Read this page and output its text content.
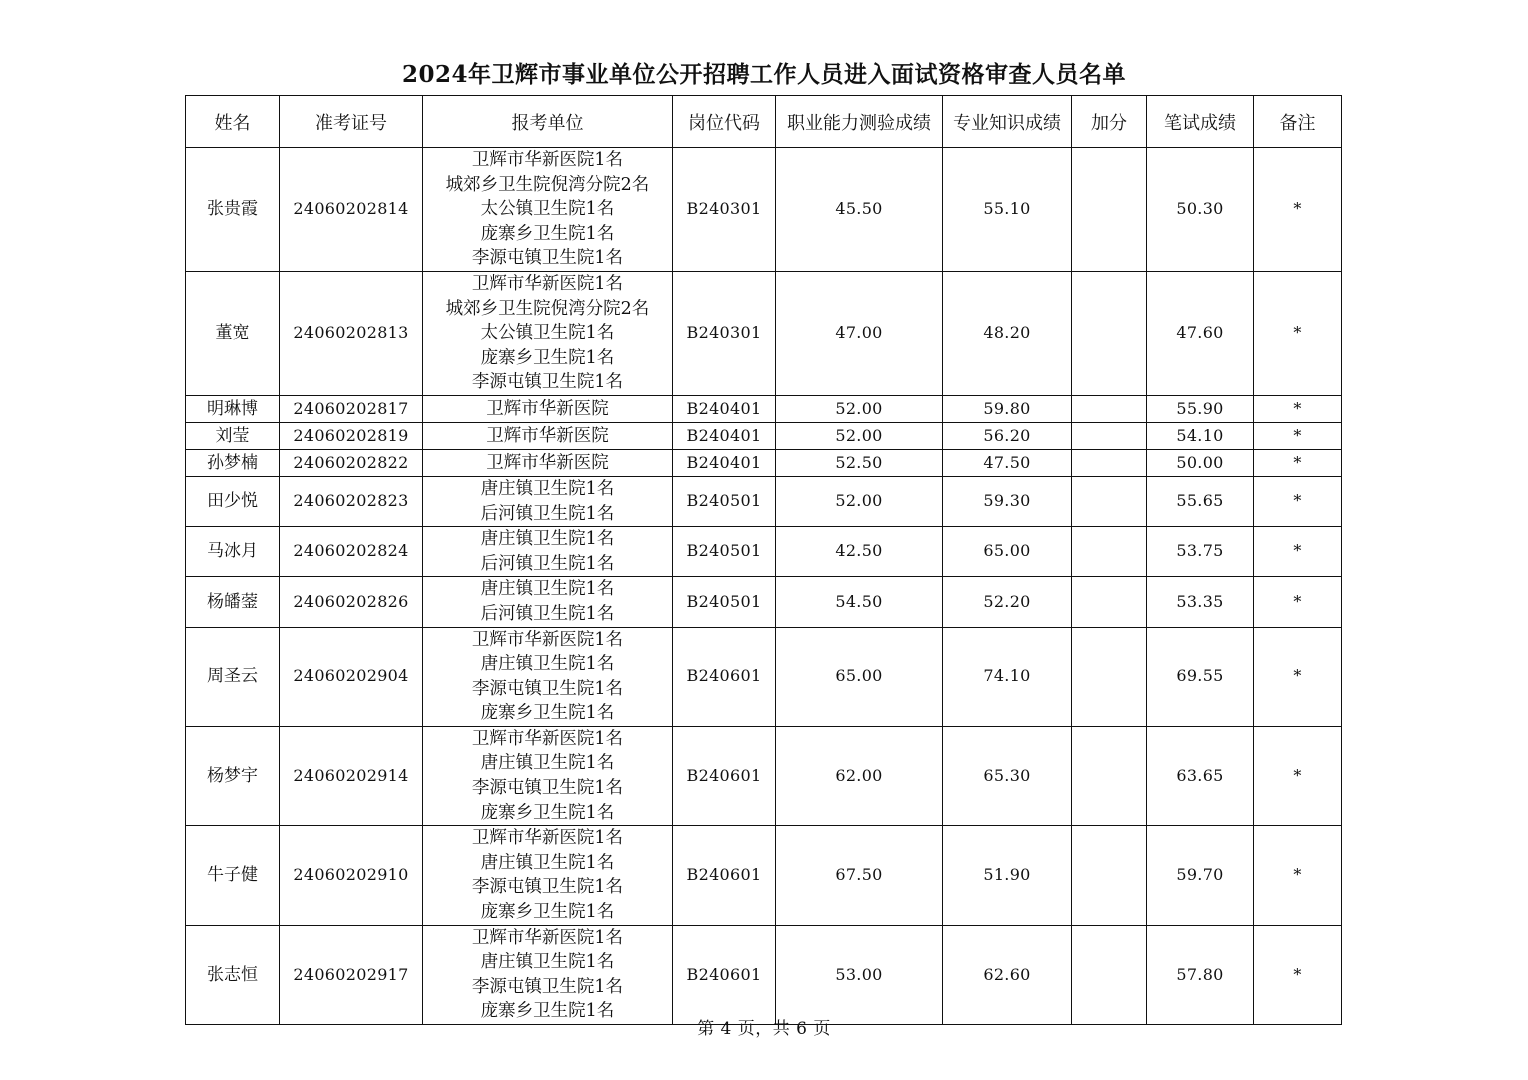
2024年卫辉市事业单位公开招聘工作人员进入面试资格审查人员名单
姓名	准考证号	报考单位	岗位代码	职业能力测验成绩	专业知识成绩	加分	笔试成绩	备注
张贵霞	24060202814	卫辉市华新医院1名
城郊乡卫生院倪湾分院2名
太公镇卫生院1名
庞寨乡卫生院1名
李源屯镇卫生院1名	B240301	45.50	55.10		50.30	*
董宽	24060202813	卫辉市华新医院1名
城郊乡卫生院倪湾分院2名
太公镇卫生院1名
庞寨乡卫生院1名
李源屯镇卫生院1名	B240301	47.00	48.20		47.60	*
明琳博	24060202817	卫辉市华新医院	B240401	52.00	59.80		55.90	*
刘莹	24060202819	卫辉市华新医院	B240401	52.00	56.20		54.10	*
孙梦楠	24060202822	卫辉市华新医院	B240401	52.50	47.50		50.00	*
田少悦	24060202823	唐庄镇卫生院1名
后河镇卫生院1名	B240501	52.00	59.30		55.65	*
马冰月	24060202824	唐庄镇卫生院1名
后河镇卫生院1名	B240501	42.50	65.00		53.75	*
杨皤蓥	24060202826	唐庄镇卫生院1名
后河镇卫生院1名	B240501	54.50	52.20		53.35	*
周圣云	24060202904	卫辉市华新医院1名
唐庄镇卫生院1名
李源屯镇卫生院1名
庞寨乡卫生院1名	B240601	65.00	74.10		69.55	*
杨梦宇	24060202914	卫辉市华新医院1名
唐庄镇卫生院1名
李源屯镇卫生院1名
庞寨乡卫生院1名	B240601	62.00	65.30		63.65	*
牛子健	24060202910	卫辉市华新医院1名
唐庄镇卫生院1名
李源屯镇卫生院1名
庞寨乡卫生院1名	B240601	67.50	51.90		59.70	*
张志恒	24060202917	卫辉市华新医院1名
唐庄镇卫生院1名
李源屯镇卫生院1名
庞寨乡卫生院1名	B240601	53.00	62.60		57.80	*
第 4 页，共 6 页
